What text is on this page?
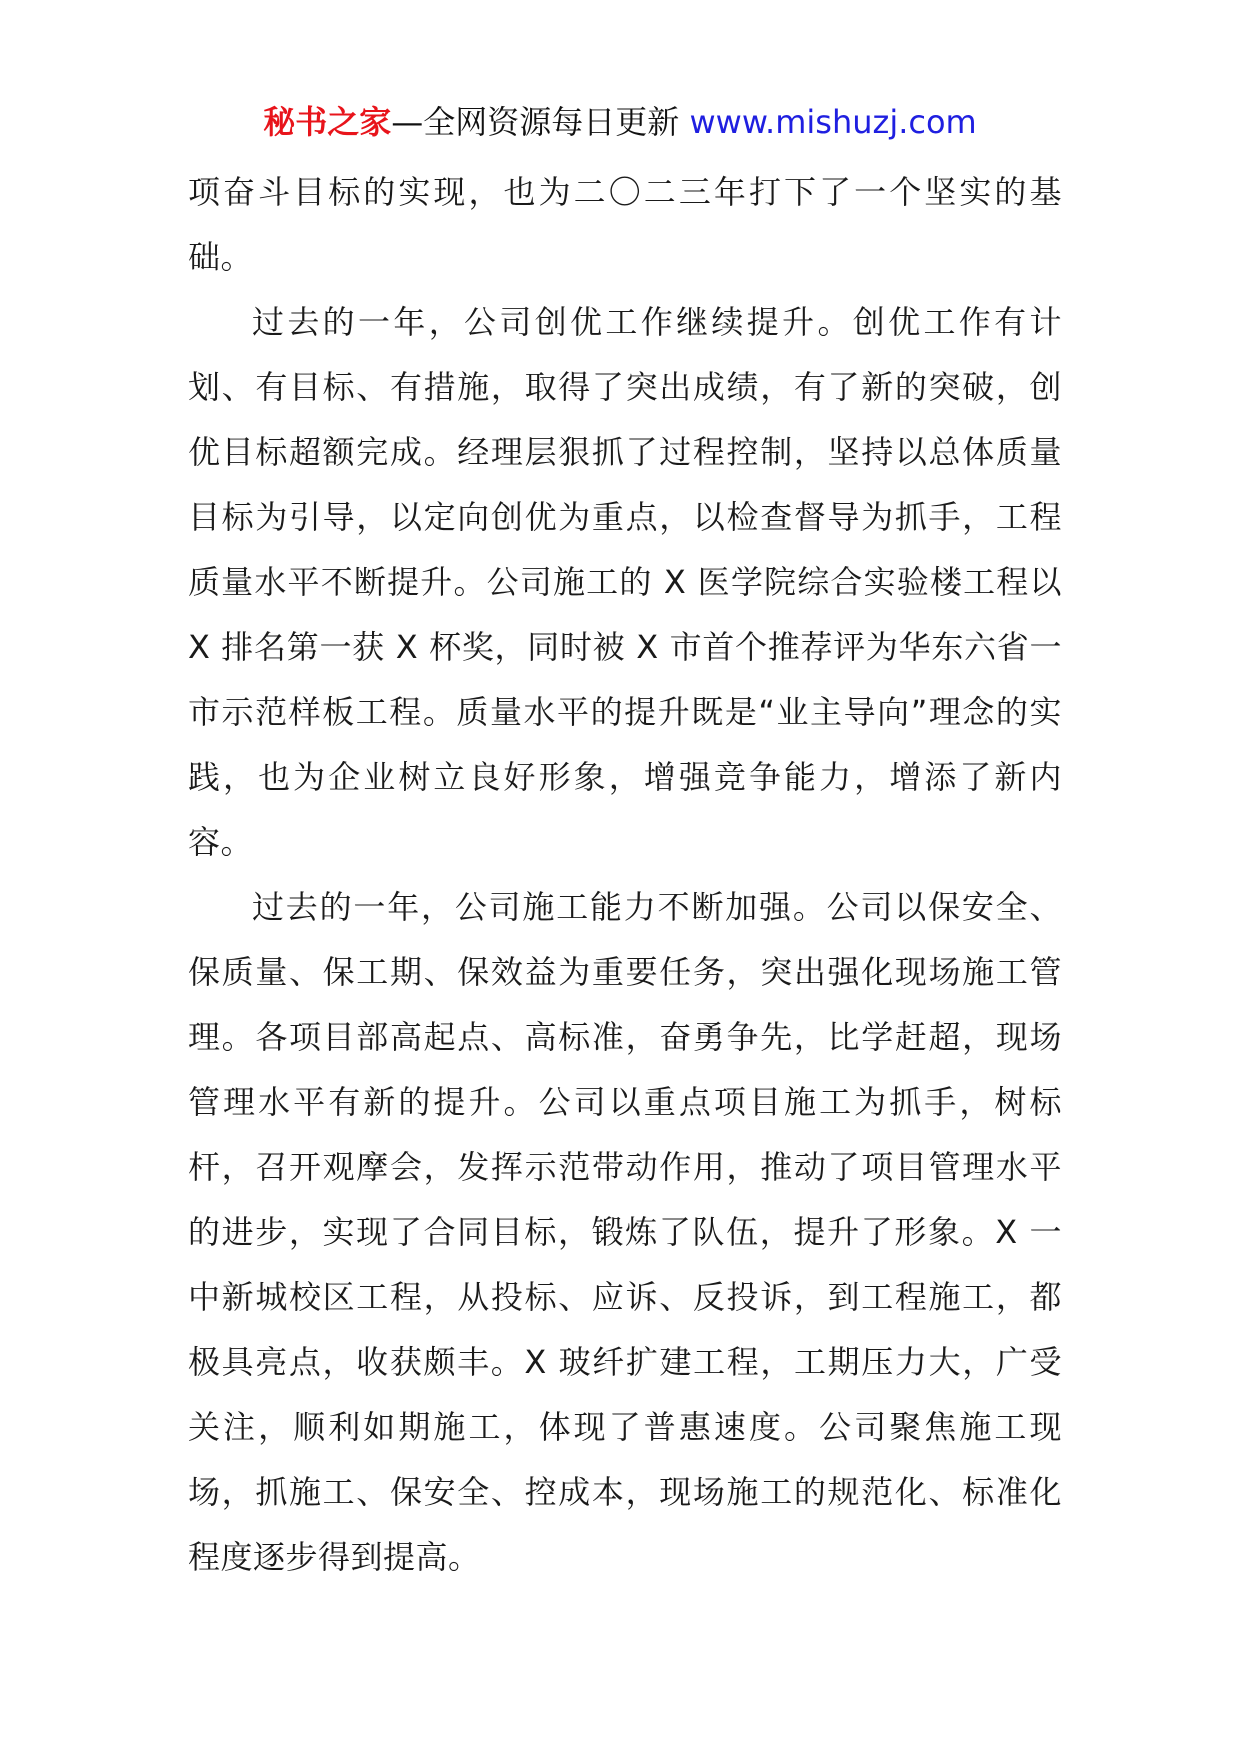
秘书之家—全网资源每日更新 www.mishuzj.com

项奋斗目标的实现，也为二〇二三年打下了一个坚实的基础。

过去的一年，公司创优工作继续提升。创优工作有计划、有目标、有措施，取得了突出成绩，有了新的突破，创优目标超额完成。经理层狠抓了过程控制，坚持以总体质量目标为引导，以定向创优为重点，以检查督导为抓手，工程质量水平不断提升。公司施工的 X 医学院综合实验楼工程以 X 排名第一获 X 杯奖，同时被 X 市首个推荐评为华东六省一市示范样板工程。质量水平的提升既是“业主导向”理念的实践，也为企业树立良好形象，增强竞争能力，增添了新内容。

过去的一年，公司施工能力不断加强。公司以保安全、保质量、保工期、保效益为重要任务，突出强化现场施工管理。各项目部高起点、高标准，奋勇争先，比学赶超，现场管理水平有新的提升。公司以重点项目施工为抓手，树标杆，召开观摩会，发挥示范带动作用，推动了项目管理水平的进步，实现了合同目标，锻炼了队伍，提升了形象。X 一中新城校区工程，从投标、应诉、反投诉，到工程施工，都极具亮点，收获颇丰。X 玻纤扩建工程，工期压力大，广受关注，顺利如期施工，体现了普惠速度。公司聚焦施工现场，抓施工、保安全、控成本，现场施工的规范化、标准化程度逐步得到提高。
